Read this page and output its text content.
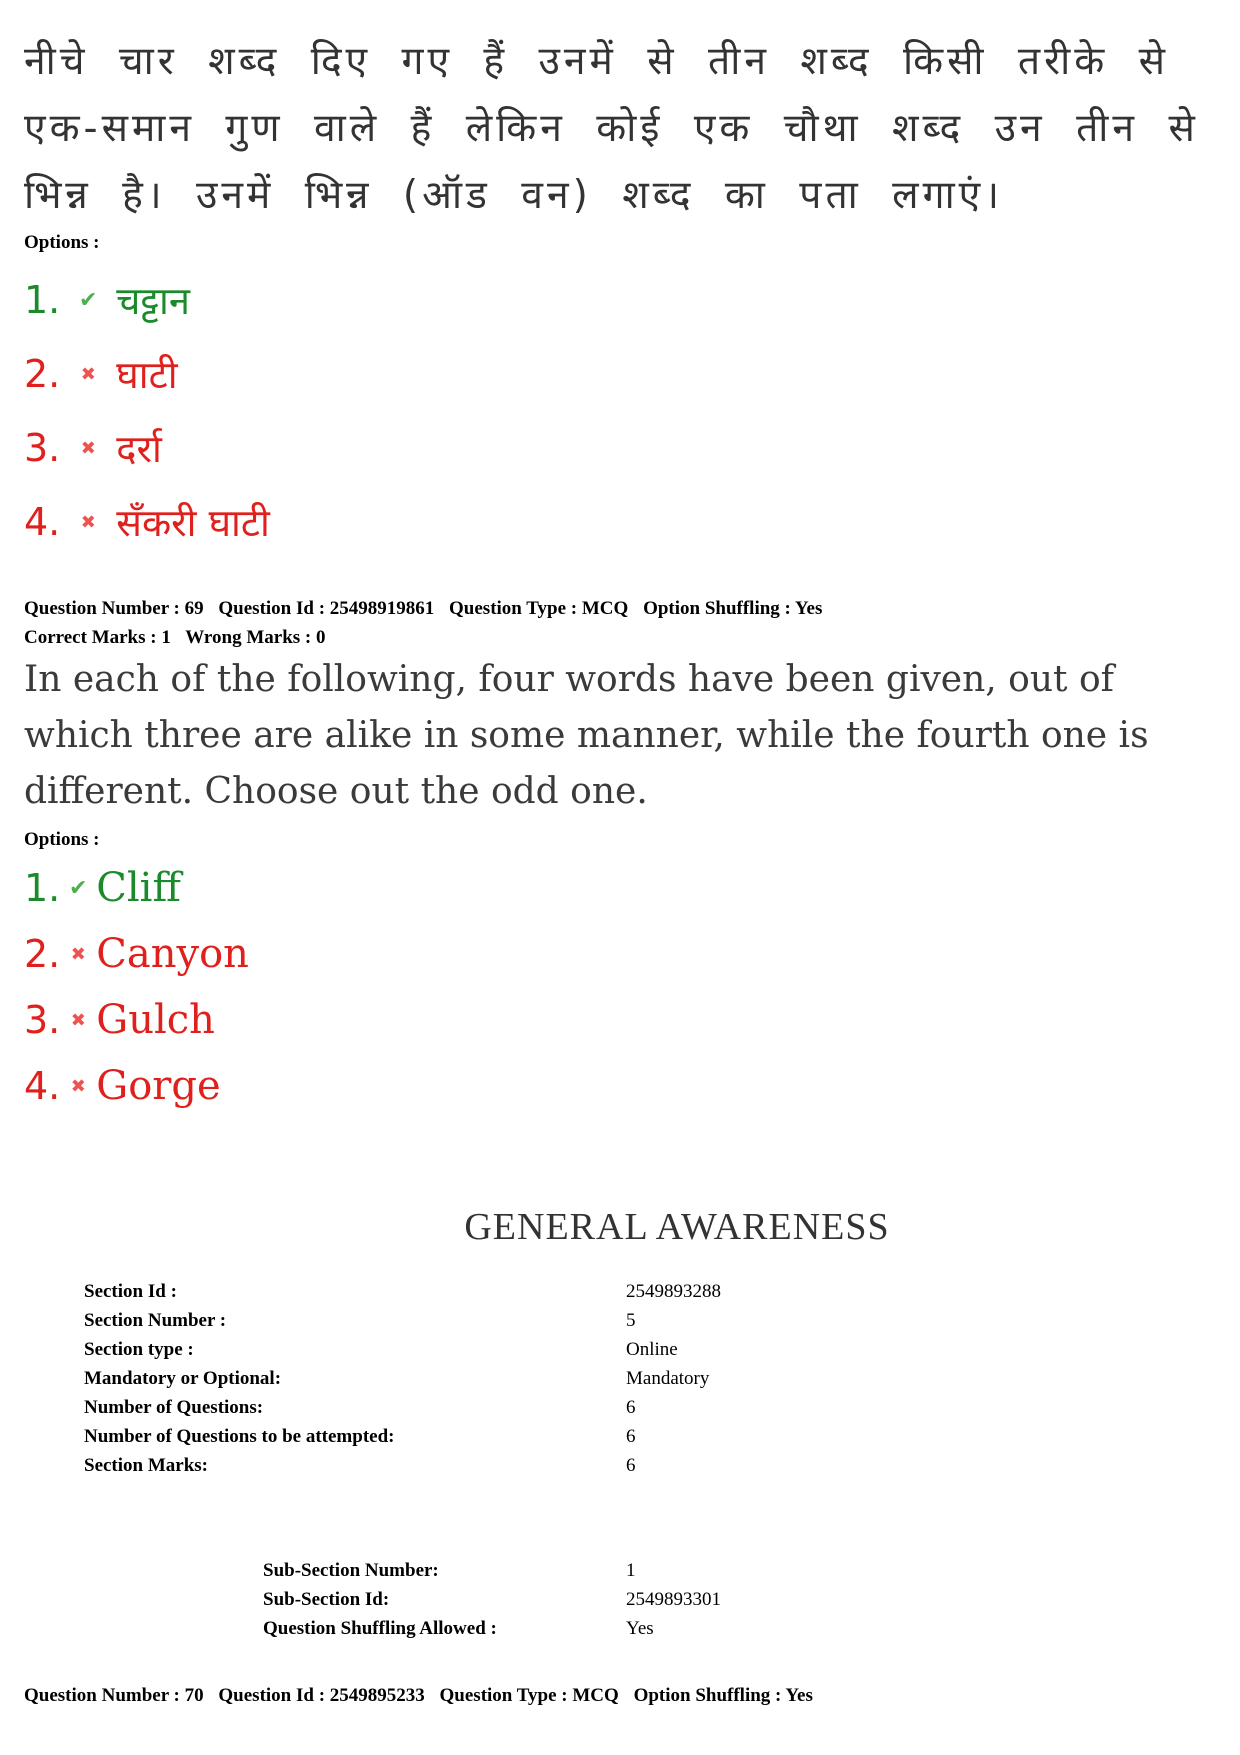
नीचे चार शब्द दिए गए हैं उनमें से तीन शब्द किसी तरीके से एक-समान गुण वाले हैं लेकिन कोई एक चौथा शब्द उन तीन से भिन्न है। उनमें भिन्न (ऑड वन) शब्द का पता लगाएं।

Options :
1. ✔ चट्टान
2.	✖ घाटी
3.	✖ दर्रा
4.	✖ सँकरी घाटी
Question Number : 69 Question Id : 25498919861 Question Type : MCQ Option Shuffling : Yes
Correct Marks : 1 Wrong Marks : 0

In each of the following, four words have been given, out of which three are alike in some manner, while the fourth one is different. Choose out the odd one.

Options :
1. ✔ Cliff
2. ✖ Canyon
3. ✖ Gulch
4. ✖ Gorge
GENERAL AWARENESS
Section Id :	2549893288
Section Number :	5
Section type :	Online
Mandatory or Optional:	Mandatory
Number of Questions:	6
Number of Questions to be attempted:	6
Section Marks:	6
Sub-Section Number:	1
Sub-Section Id:	2549893301
Question Shuffling Allowed :	Yes
Question Number : 70 Question Id : 2549895233 Question Type : MCQ Option Shuffling : Yes
